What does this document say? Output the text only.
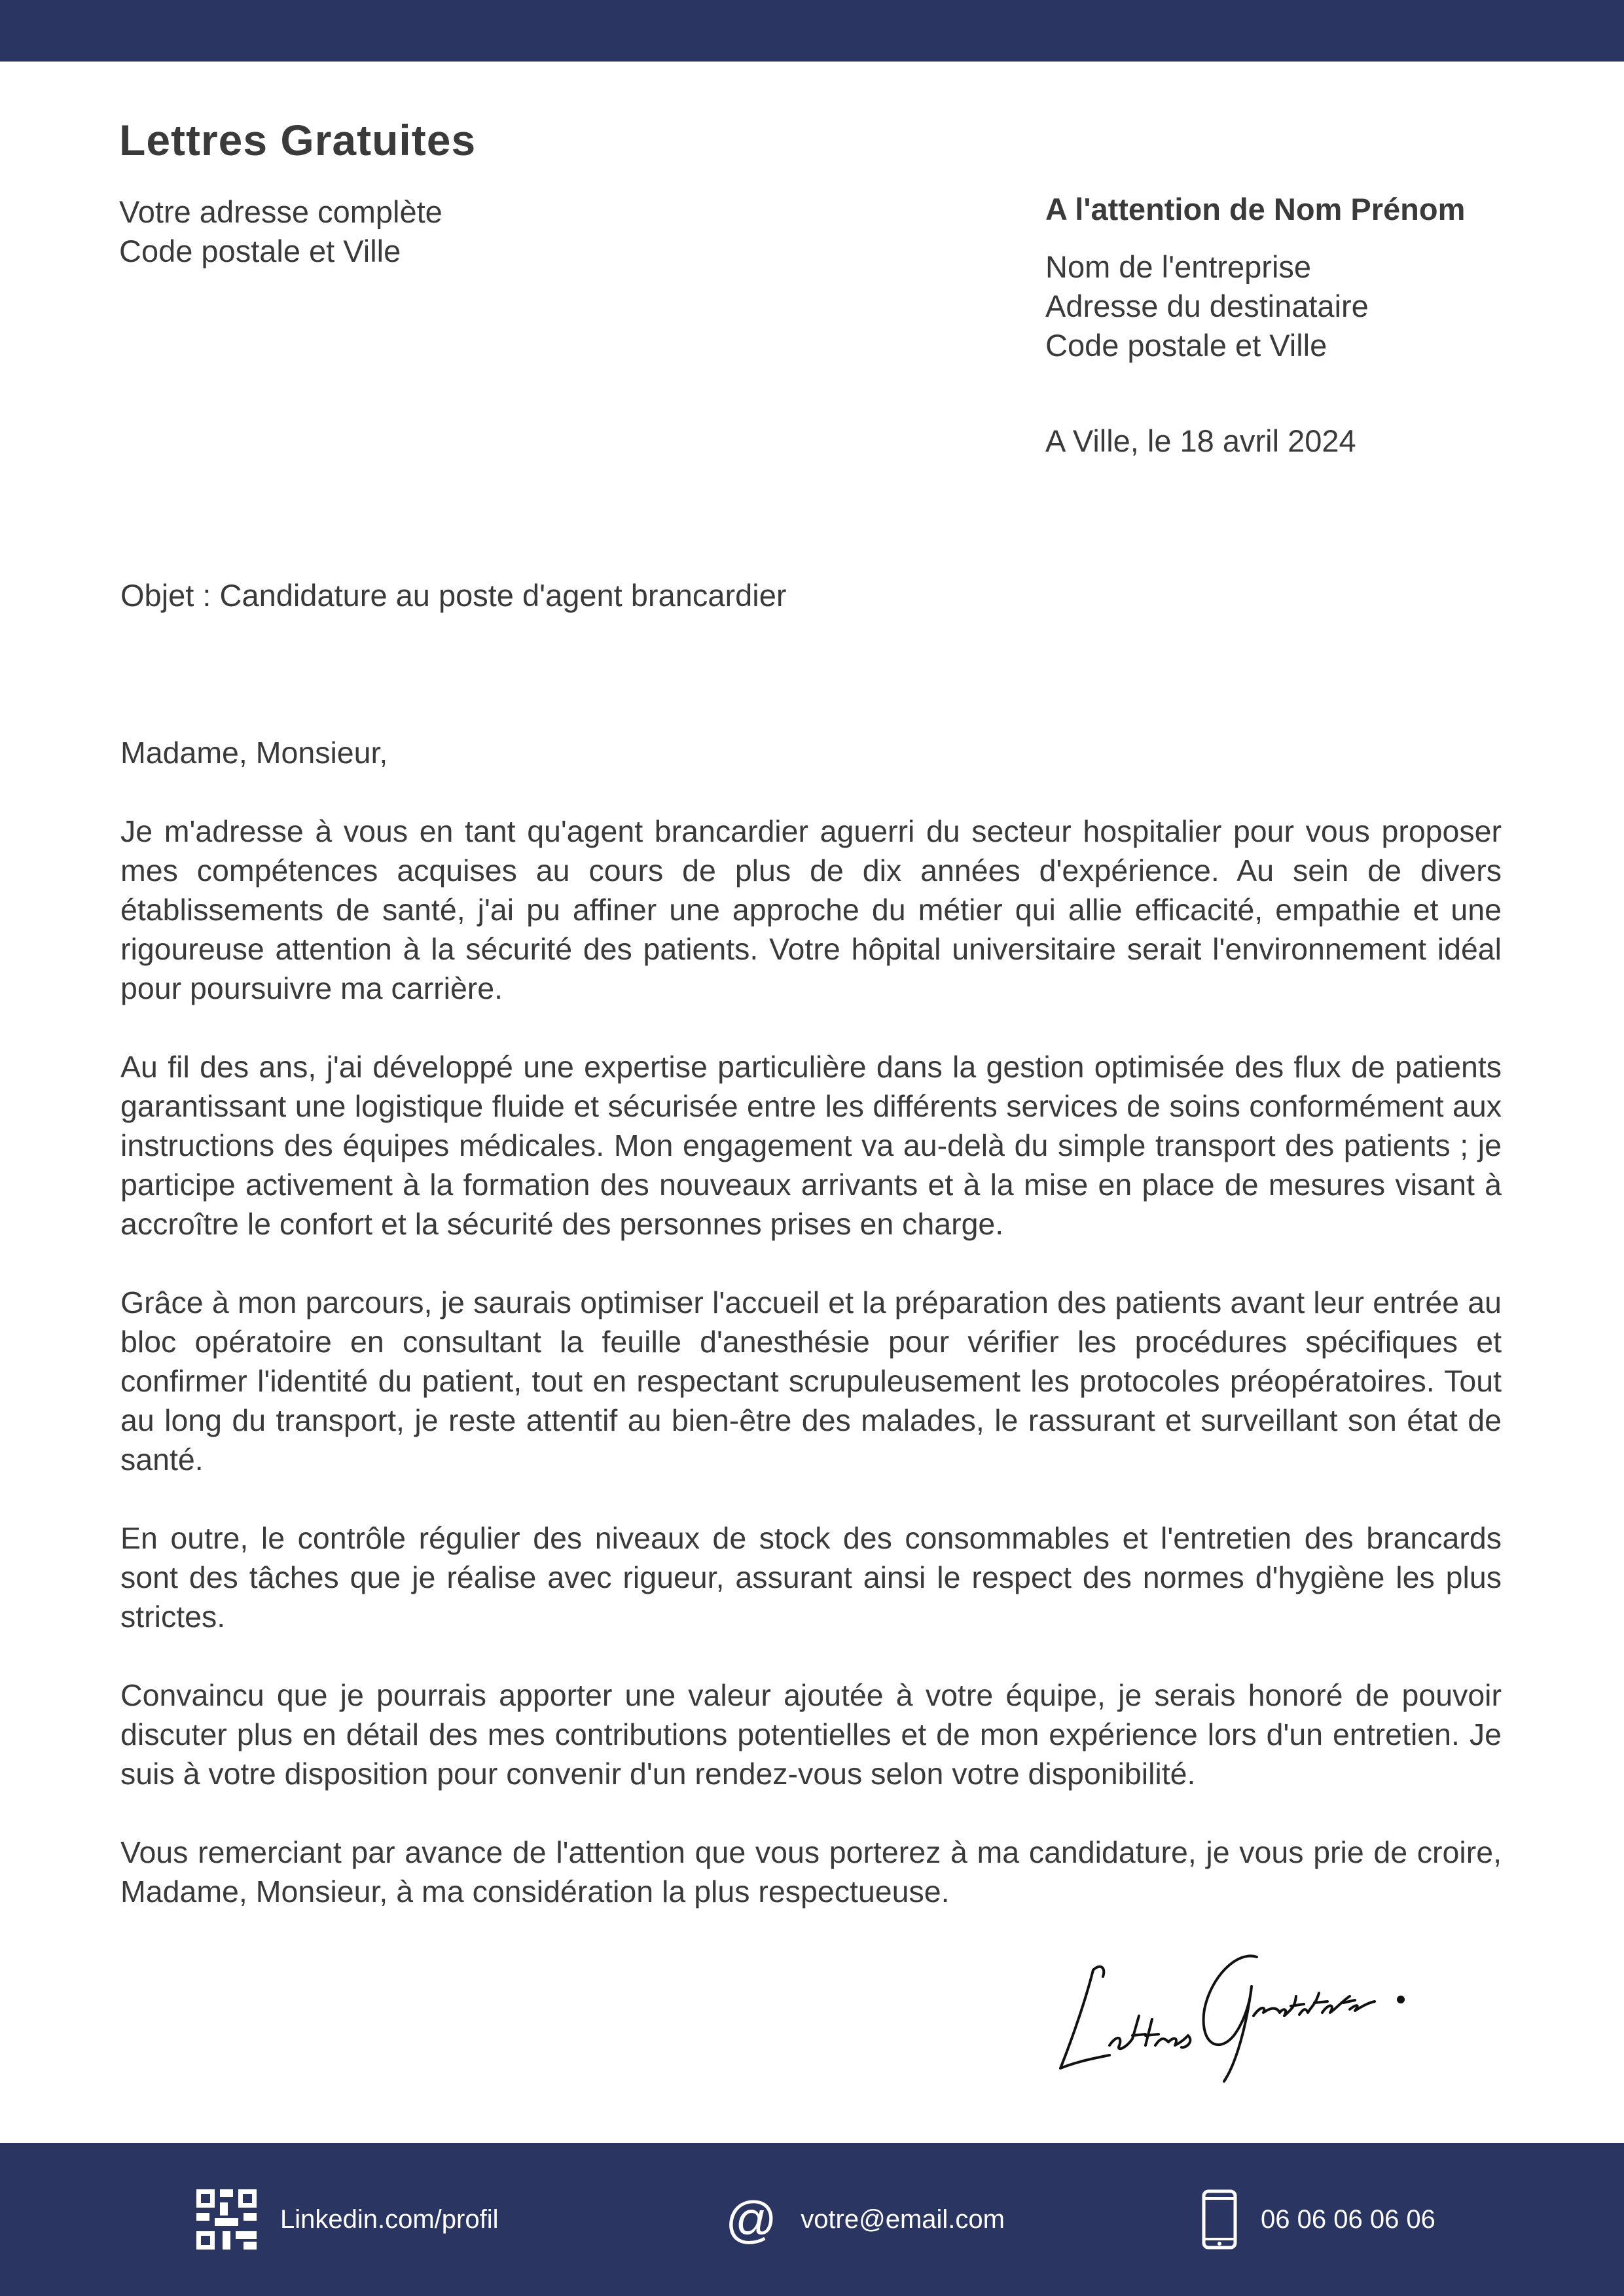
Lettres Gratuites
Votre adresse complète
Code postale et Ville
A l'attention de Nom Prénom
Nom de l'entreprise
Adresse du destinataire
Code postale et Ville
A Ville, le 18 avril 2024
Objet : Candidature au poste d'agent brancardier

Madame, Monsieur,

Je m'adresse à vous en tant qu'agent brancardier aguerri du secteur hospitalier pour vous proposer mes compétences acquises au cours de plus de dix années d'expérience. Au sein de divers établissements de santé, j'ai pu affiner une approche du métier qui allie efficacité, empathie et une rigoureuse attention à la sécurité des patients. Votre hôpital universitaire serait l'environnement idéal pour poursuivre ma carrière.

Au fil des ans, j'ai développé une expertise particulière dans la gestion optimisée des flux de patients garantissant une logistique fluide et sécurisée entre les différents services de soins conformément aux instructions des équipes médicales. Mon engagement va au-delà du simple transport des patients ; je participe activement à la formation des nouveaux arrivants et à la mise en place de mesures visant à accroître le confort et la sécurité des personnes prises en charge.

Grâce à mon parcours, je saurais optimiser l'accueil et la préparation des patients avant leur entrée au bloc opératoire en consultant la feuille d'anesthésie pour vérifier les procédures spécifiques et confirmer l'identité du patient, tout en respectant scrupuleusement les protocoles préopératoires. Tout au long du transport, je reste attentif au bien-être des malades, le rassurant et surveillant son état de santé.

En outre, le contrôle régulier des niveaux de stock des consommables et l'entretien des brancards sont des tâches que je réalise avec rigueur, assurant ainsi le respect des normes d'hygiène les plus strictes.

Convaincu que je pourrais apporter une valeur ajoutée à votre équipe, je serais honoré de pouvoir discuter plus en détail des mes contributions potentielles et de mon expérience lors d'un entretien. Je suis à votre disposition pour convenir d'un rendez-vous selon votre disponibilité.

Vous remerciant par avance de l'attention que vous porterez à ma candidature, je vous prie de croire, Madame, Monsieur, à ma considération la plus respectueuse.

Linkedin.com/profil	@ votre@email.com	06 06 06 06 06
